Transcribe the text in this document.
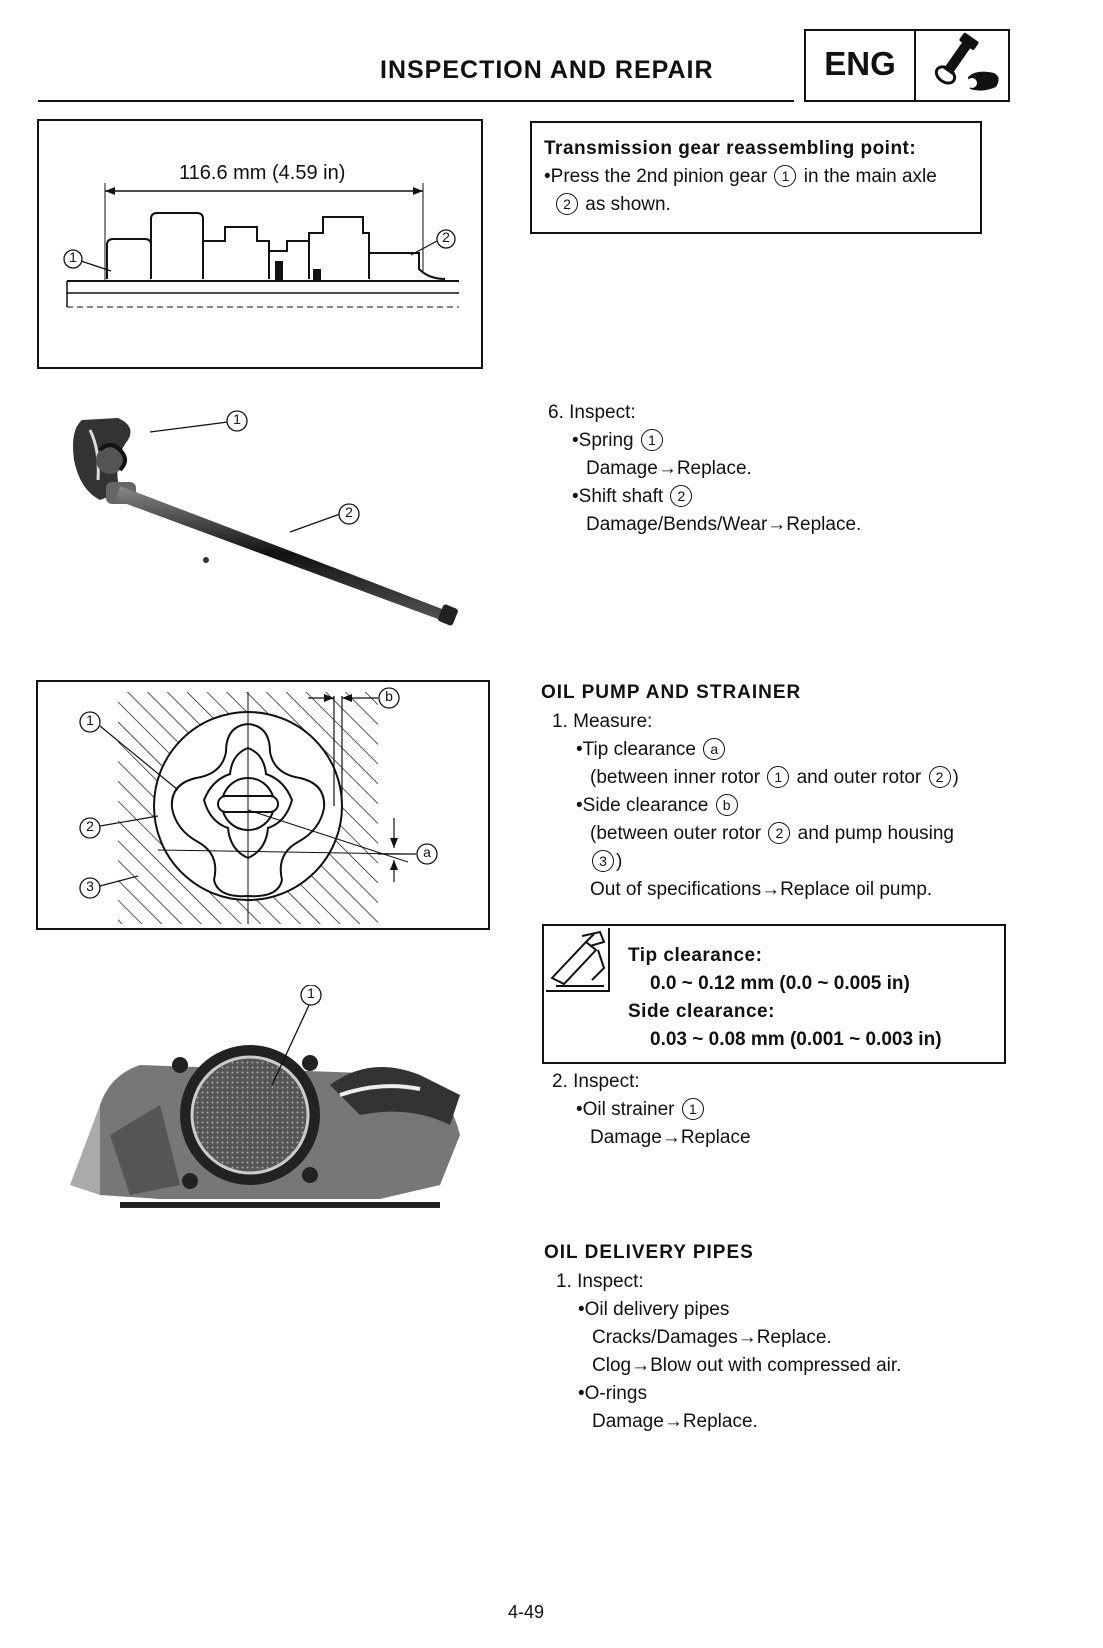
INSPECTION AND REPAIR	ENG
116.6 mm (4.59 in)
1
2
Transmission gear reassembling point:
•Press the 2nd pinion gear 1 in the main axle
2 as shown.
1
2
6. Inspect:
•Spring 1
Damage→Replace.
•Shift shaft 2
Damage/Bends/Wear→Replace.
1
2
3
b
a
OIL PUMP AND STRAINER
1. Measure:
•Tip clearance a
(between inner rotor 1 and outer rotor 2 )
•Side clearance b
(between outer rotor 2 and pump housing
3 )
Out of specifications→Replace oil pump.
Tip clearance:
0.0 ~ 0.12 mm (0.0 ~ 0.005 in)
Side clearance:
0.03 ~ 0.08 mm (0.001 ~ 0.003 in)
1
2. Inspect:
•Oil strainer 1
Damage→Replace
OIL DELIVERY PIPES
1. Inspect:
•Oil delivery pipes
Cracks/Damages→Replace.
Clog→Blow out with compressed air.
•O-rings
Damage→Replace.
4-49
